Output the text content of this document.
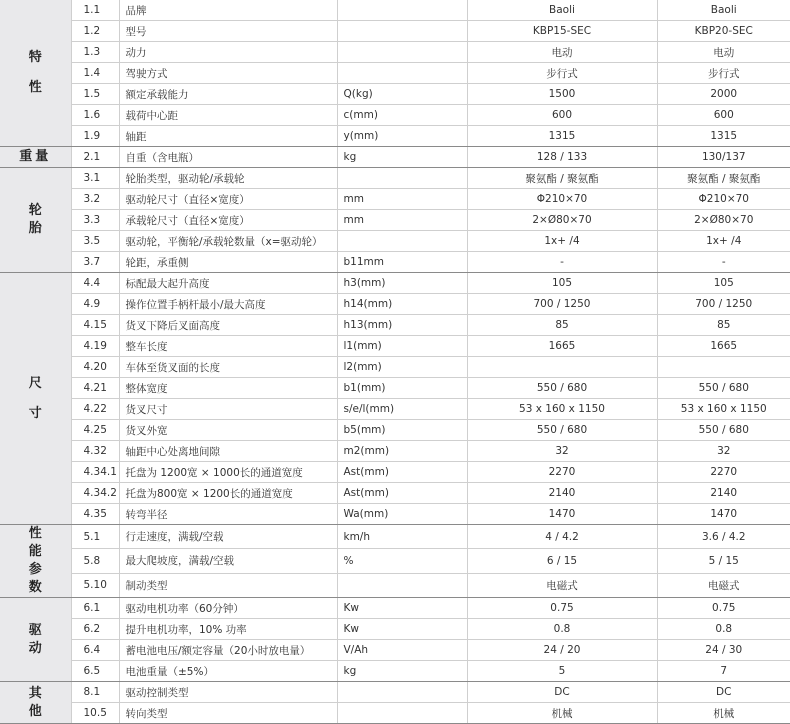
特性	1.1	品牌		Baoli	Baoli
	1.2	型号		KBP15-SEC	KBP20-SEC
	1.3	动力		电动	电动
	1.4	驾驶方式		步行式	步行式
	1.5	额定承载能力	Q(kg)	1500	2000
	1.6	载荷中心距	c(mm)	600	600
	1.9	轴距	y(mm)	1315	1315
重量	2.1	自重（含电瓶）	kg	128 / 133	130/137
轮胎	3.1	轮胎类型，驱动轮/承载轮		聚氨酯 / 聚氨酯	聚氨酯 / 聚氨酯
	3.2	驱动轮尺寸（直径×宽度）	mm	Φ210×70	Φ210×70
	3.3	承载轮尺寸（直径×宽度）	mm	2×Ø80×70	2×Ø80×70
	3.5	驱动轮，平衡轮/承载轮数量（x=驱动轮）		1x+ /4	1x+ /4
	3.7	轮距，承重侧	b11mm	-	-
尺寸	4.4	标配最大起升高度	h3(mm)	105	105
	4.9	操作位置手柄杆最小/最大高度	h14(mm)	700 / 1250	700 / 1250
	4.15	货叉下降后叉面高度	h13(mm)	85	85
	4.19	整车长度	l1(mm)	1665	1665
	4.20	车体至货叉面的长度	l2(mm)		
	4.21	整体宽度	b1(mm)	550 / 680	550 / 680
	4.22	货叉尺寸	s/e/l(mm)	53 x 160 x 1150	53 x 160 x 1150
	4.25	货叉外宽	b5(mm)	550 / 680	550 / 680
	4.32	轴距中心处离地间隙	m2(mm)	32	32
	4.34.1	托盘为 1200宽 × 1000长的通道宽度	Ast(mm)	2270	2270
	4.34.2	托盘为800宽 × 1200长的通道宽度	Ast(mm)	2140	2140
	4.35	转弯半径	Wa(mm)	1470	1470
性能参数	5.1	行走速度，满载/空载	km/h	4 / 4.2	3.6 / 4.2
	5.8	最大爬坡度，满载/空载	%	6 / 15	5 / 15
	5.10	制动类型		电磁式	电磁式
驱动	6.1	驱动电机功率（60分钟）	Kw	0.75	0.75
	6.2	提升电机功率，10% 功率	Kw	0.8	0.8
	6.4	蓄电池电压/额定容量（20小时放电量）	V/Ah	24 / 20	24 / 30
	6.5	电池重量（±5%）	kg	5	7
其他	8.1	驱动控制类型		DC	DC
	10.5	转向类型		机械	机械
